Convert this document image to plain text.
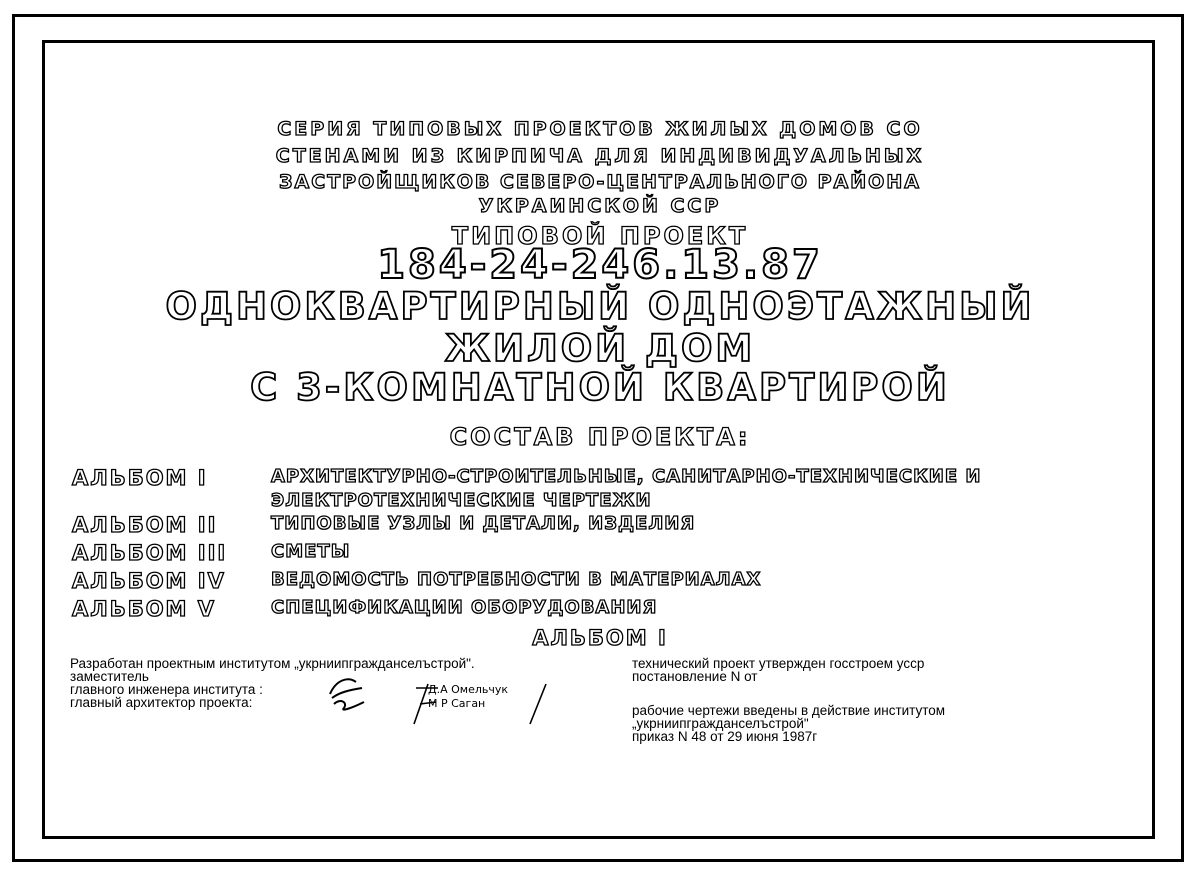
СЕРИЯ ТИПОВЫХ ПРОЕКТОВ ЖИЛЫХ ДОМОВ СО
СТЕНАМИ ИЗ КИРПИЧА ДЛЯ ИНДИВИДУАЛЬНЫХ
ЗАСТРОЙЩИКОВ СЕВЕРО-ЦЕНТРАЛЬНОГО РАЙОНА
УКРАИНСКОЙ ССР
ТИПОВОЙ ПРОЕКТ
184-24-246.13.87
ОДНОКВАРТИРНЫЙ ОДНОЭТАЖНЫЙ
ЖИЛОЙ ДОМ
С 3-КОМНАТНОЙ КВАРТИРОЙ
СОСТАВ ПРОЕКТА:
АЛЬБОМ I	АРХИТЕКТУРНО-СТРОИТЕЛЬНЫЕ, САНИТАРНО-ТЕХНИЧЕСКИЕ И
ЭЛЕКТРОТЕХНИЧЕСКИЕ ЧЕРТЕЖИ
АЛЬБОМ II	ТИПОВЫЕ УЗЛЫ И ДЕТАЛИ, ИЗДЕЛИЯ
АЛЬБОМ III СМЕТЫ
АЛЬБОМ IV	ВЕДОМОСТЬ ПОТРЕБНОСТИ В МАТЕРИАЛАХ
АЛЬБОМ V	СПЕЦИФИКАЦИИ ОБОРУДОВАНИЯ
АЛЬБОМ I
Разработан проектным институтом „укрниипгражданселъстрой".
заместитель
главного инженера института :
главный архитектор проекта:
Д.А Омельчук
М Р Саган
технический проект утвержден госстроем усср
постановление N от
рабочие чертежи введены в действие институтом
„укрниипгражданселъстрой"
приказ N 48 от 29 июня 1987г
